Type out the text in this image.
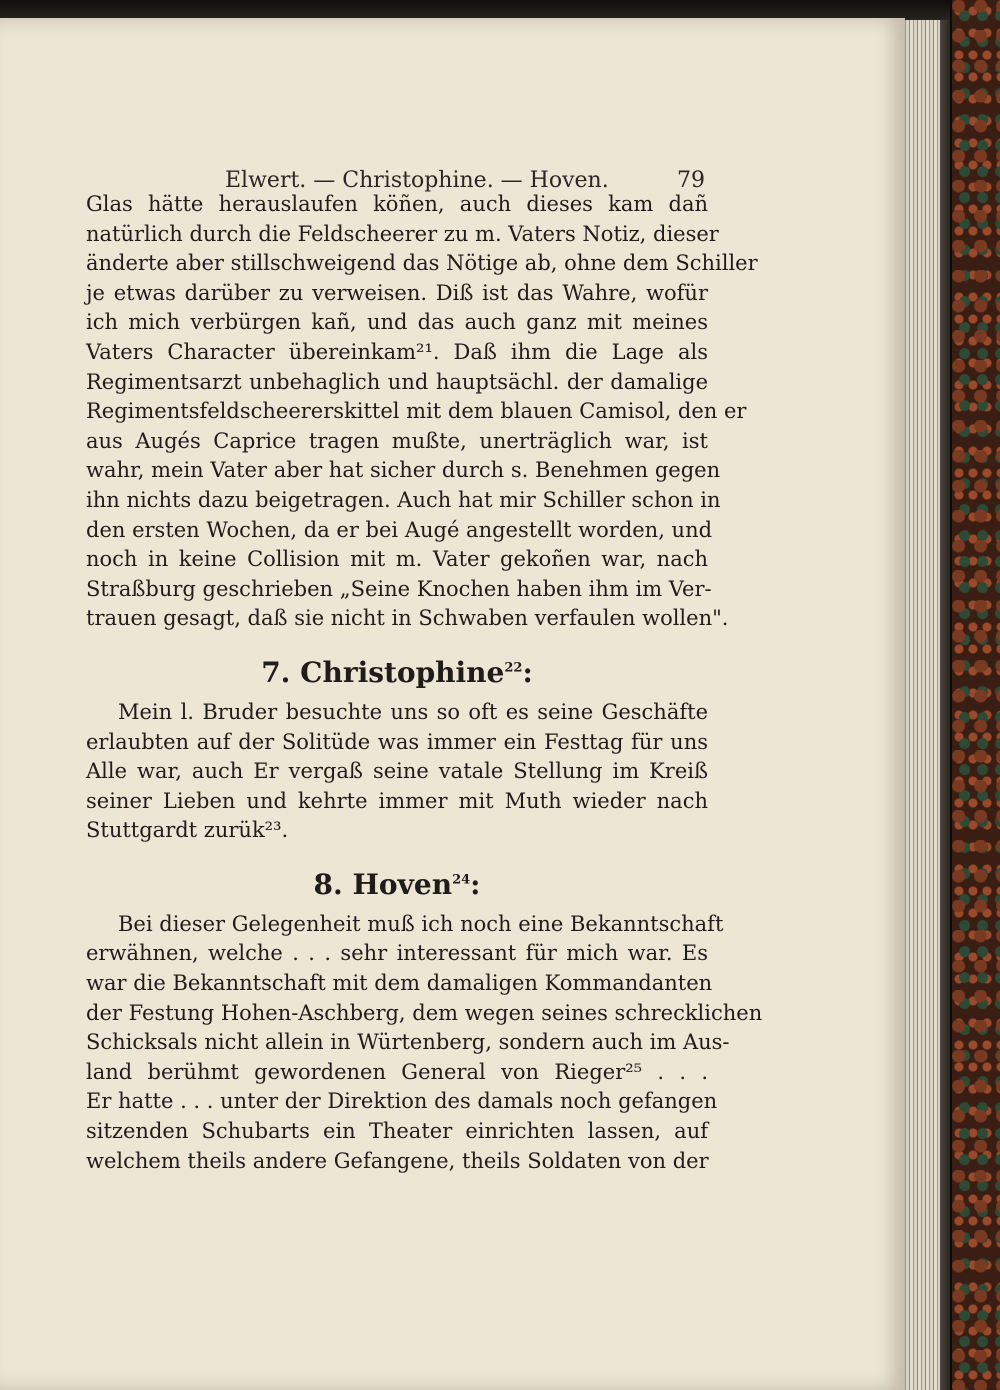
Elwert. — Christophine. — Hoven.	79
Glas hätte herauslaufen köñen, auch dieses kam dañ
natürlich durch die Feldscheerer zu m. Vaters Notiz, dieser
änderte aber stillschweigend das Nötige ab, ohne dem Schiller
je etwas darüber zu verweisen. Diß ist das Wahre, wofür
ich mich verbürgen kañ, und das auch ganz mit meines
Vaters Character übereinkam²¹. Daß ihm die Lage als
Regimentsarzt unbehaglich und hauptsächl. der damalige
Regimentsfeldscheererskittel mit dem blauen Camisol, den er
aus Augés Caprice tragen mußte, unerträglich war, ist
wahr, mein Vater aber hat sicher durch s. Benehmen gegen
ihn nichts dazu beigetragen. Auch hat mir Schiller schon in
den ersten Wochen, da er bei Augé angestellt worden, und
noch in keine Collision mit m. Vater gekoñen war, nach
Straßburg geschrieben „Seine Knochen haben ihm im Ver-
trauen gesagt, daß sie nicht in Schwaben verfaulen wollen".
7. Christophine$^{22}$:
Mein l. Bruder besuchte uns so oft es seine Geschäfte
erlaubten auf der Solitüde was immer ein Festtag für uns
Alle war, auch Er vergaß seine vatale Stellung im Kreiß
seiner Lieben und kehrte immer mit Muth wieder nach
Stuttgardt zurük²³.
8. Hoven$^{24}$:
Bei dieser Gelegenheit muß ich noch eine Bekanntschaft
erwähnen, welche . . . sehr interessant für mich war. Es
war die Bekanntschaft mit dem damaligen Kommandanten
der Festung Hohen-Aschberg, dem wegen seines schrecklichen
Schicksals nicht allein in Würtenberg, sondern auch im Aus-
land berühmt gewordenen General von Rieger²⁵ . . .
Er hatte . . . unter der Direktion des damals noch gefangen
sitzenden Schubarts ein Theater einrichten lassen, auf
welchem theils andere Gefangene, theils Soldaten von der
